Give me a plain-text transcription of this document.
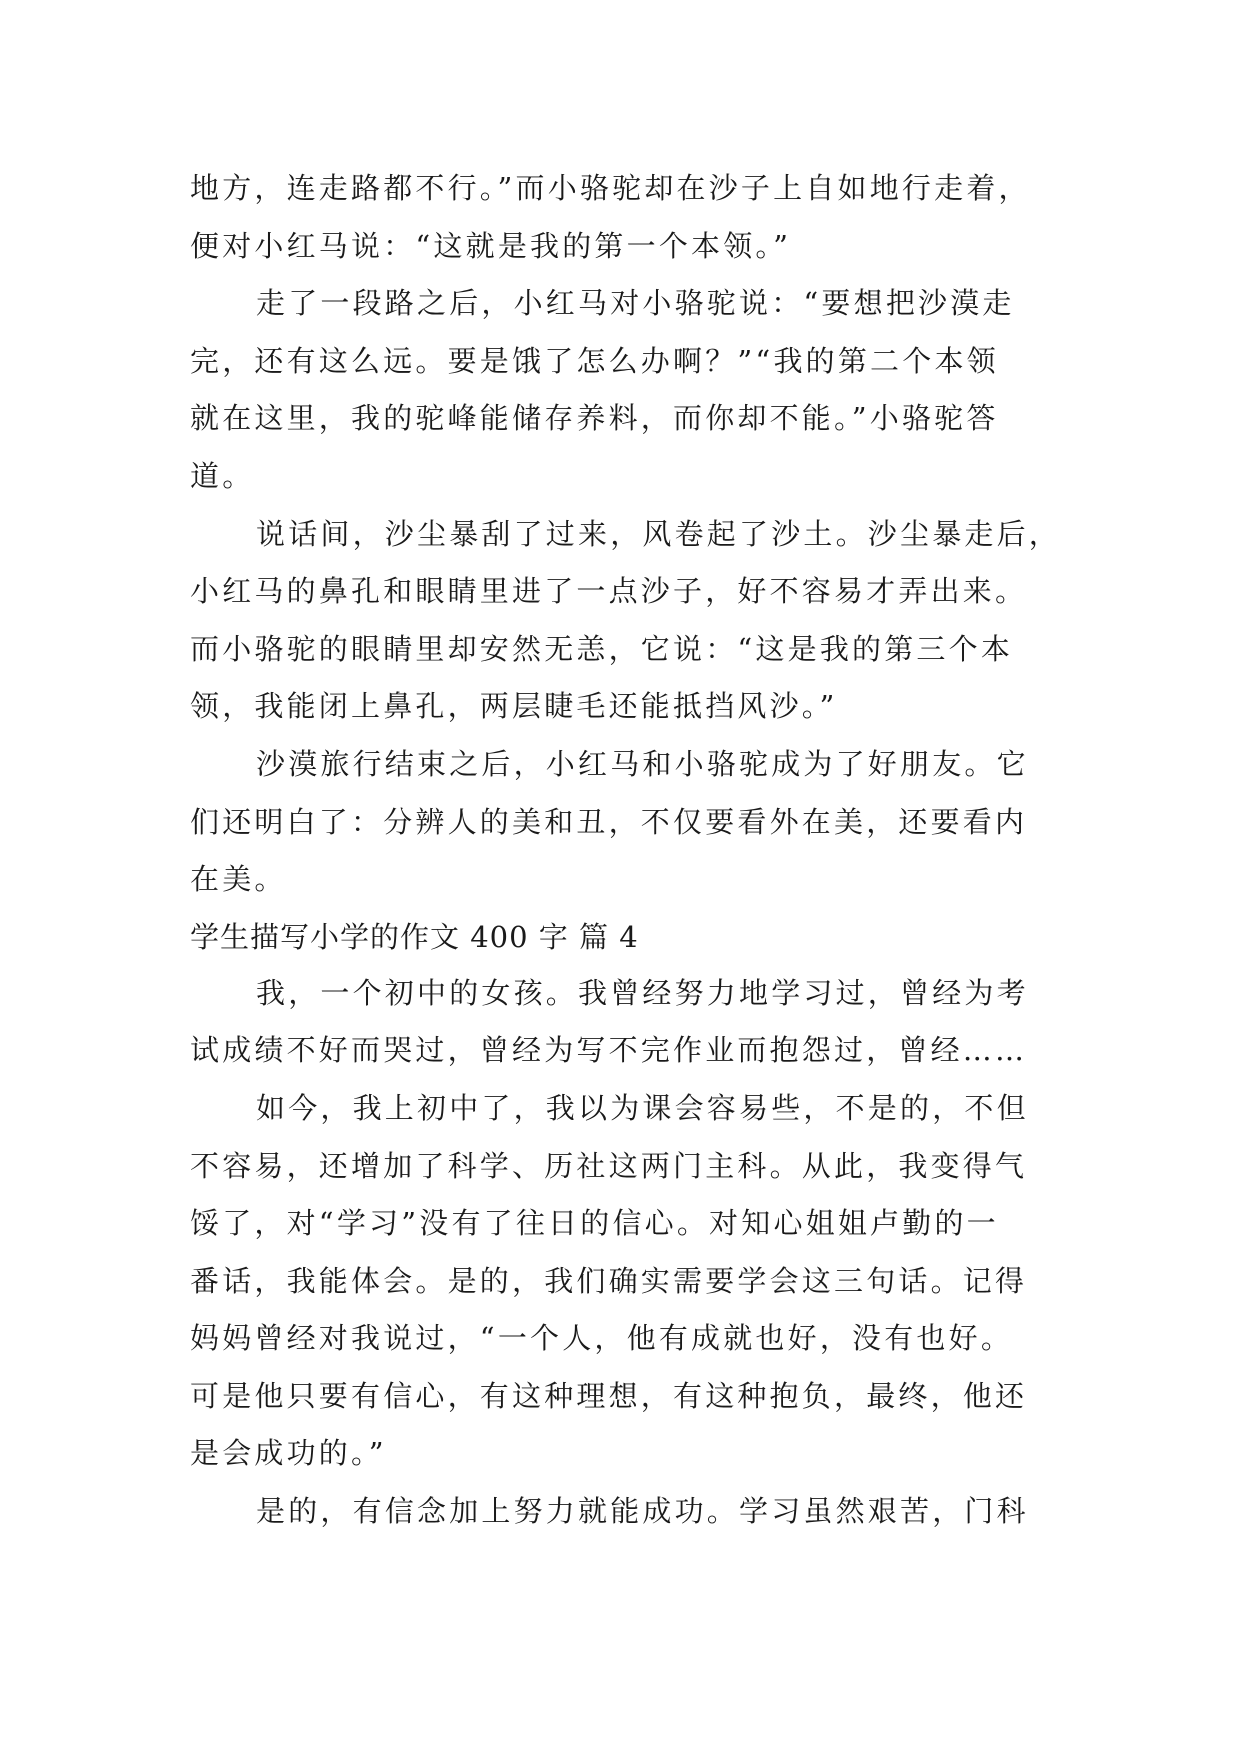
地方，连走路都不行。”而小骆驼却在沙子上自如地行走着，
便对小红马说：“这就是我的第一个本领。”
走了一段路之后，小红马对小骆驼说：“要想把沙漠走
完，还有这么远。要是饿了怎么办啊？”“我的第二个本领
就在这里，我的驼峰能储存养料，而你却不能。”小骆驼答
道。
说话间，沙尘暴刮了过来，风卷起了沙土。沙尘暴走后，
小红马的鼻孔和眼睛里进了一点沙子，好不容易才弄出来。
而小骆驼的眼睛里却安然无恙，它说：“这是我的第三个本
领，我能闭上鼻孔，两层睫毛还能抵挡风沙。”
沙漠旅行结束之后，小红马和小骆驼成为了好朋友。它
们还明白了：分辨人的美和丑，不仅要看外在美，还要看内
在美。
学生描写小学的作文 400 字 篇 4
我，一个初中的女孩。我曾经努力地学习过，曾经为考
试成绩不好而哭过，曾经为写不完作业而抱怨过，曾经……
如今，我上初中了，我以为课会容易些，不是的，不但
不容易，还增加了科学、历社这两门主科。从此，我变得气
馁了，对“学习”没有了往日的信心。对知心姐姐卢勤的一
番话，我能体会。是的，我们确实需要学会这三句话。记得
妈妈曾经对我说过，“一个人，他有成就也好，没有也好。
可是他只要有信心，有这种理想，有这种抱负，最终，他还
是会成功的。”
是的，有信念加上努力就能成功。学习虽然艰苦，门科
